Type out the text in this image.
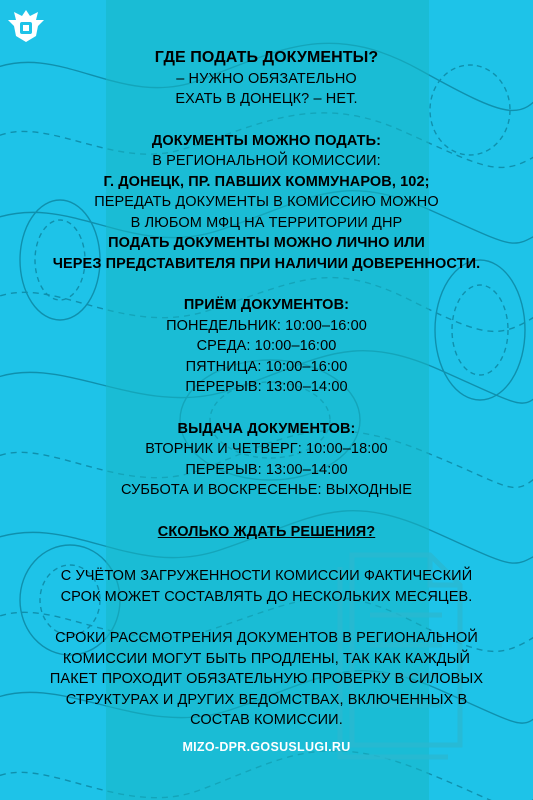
ГДЕ ПОДАТЬ ДОКУМЕНТЫ?
– НУЖНО ОБЯЗАТЕЛЬНО
ЕХАТЬ В ДОНЕЦК? – НЕТ.
ДОКУМЕНТЫ МОЖНО ПОДАТЬ:
В РЕГИОНАЛЬНОЙ КОМИССИИ:
Г. ДОНЕЦК, ПР. ПАВШИХ КОММУНАРОВ, 102;
ПЕРЕДАТЬ ДОКУМЕНТЫ В КОМИССИЮ МОЖНО
В ЛЮБОМ МФЦ НА ТЕРРИТОРИИ ДНР
ПОДАТЬ ДОКУМЕНТЫ МОЖНО ЛИЧНО ИЛИ
ЧЕРЕЗ ПРЕДСТАВИТЕЛЯ ПРИ НАЛИЧИИ ДОВЕРЕННОСТИ.
ПРИЁМ ДОКУМЕНТОВ:
ПОНЕДЕЛЬНИК: 10:00–16:00
СРЕДА: 10:00–16:00
ПЯТНИЦА: 10:00–16:00
ПЕРЕРЫВ: 13:00–14:00
ВЫДАЧА ДОКУМЕНТОВ:
ВТОРНИК И ЧЕТВЕРГ: 10:00–18:00
ПЕРЕРЫВ: 13:00–14:00
СУББОТА И ВОСКРЕСЕНЬЕ: ВЫХОДНЫЕ
СКОЛЬКО ЖДАТЬ РЕШЕНИЯ?
С УЧЁТОМ ЗАГРУЖЕННОСТИ КОМИССИИ ФАКТИЧЕСКИЙ
СРОК МОЖЕТ СОСТАВЛЯТЬ ДО НЕСКОЛЬКИХ МЕСЯЦЕВ.
СРОКИ РАССМОТРЕНИЯ ДОКУМЕНТОВ В РЕГИОНАЛЬНОЙ
КОМИССИИ МОГУТ БЫТЬ ПРОДЛЕНЫ, ТАК КАК КАЖДЫЙ
ПАКЕТ ПРОХОДИТ ОБЯЗАТЕЛЬНУЮ ПРОВЕРКУ В СИЛОВЫХ
СТРУКТУРАХ И ДРУГИХ ВЕДОМСТВАХ, ВКЛЮЧЕННЫХ В
СОСТАВ КОМИССИИ.
MIZO-DPR.GOSUSLUGI.RU
